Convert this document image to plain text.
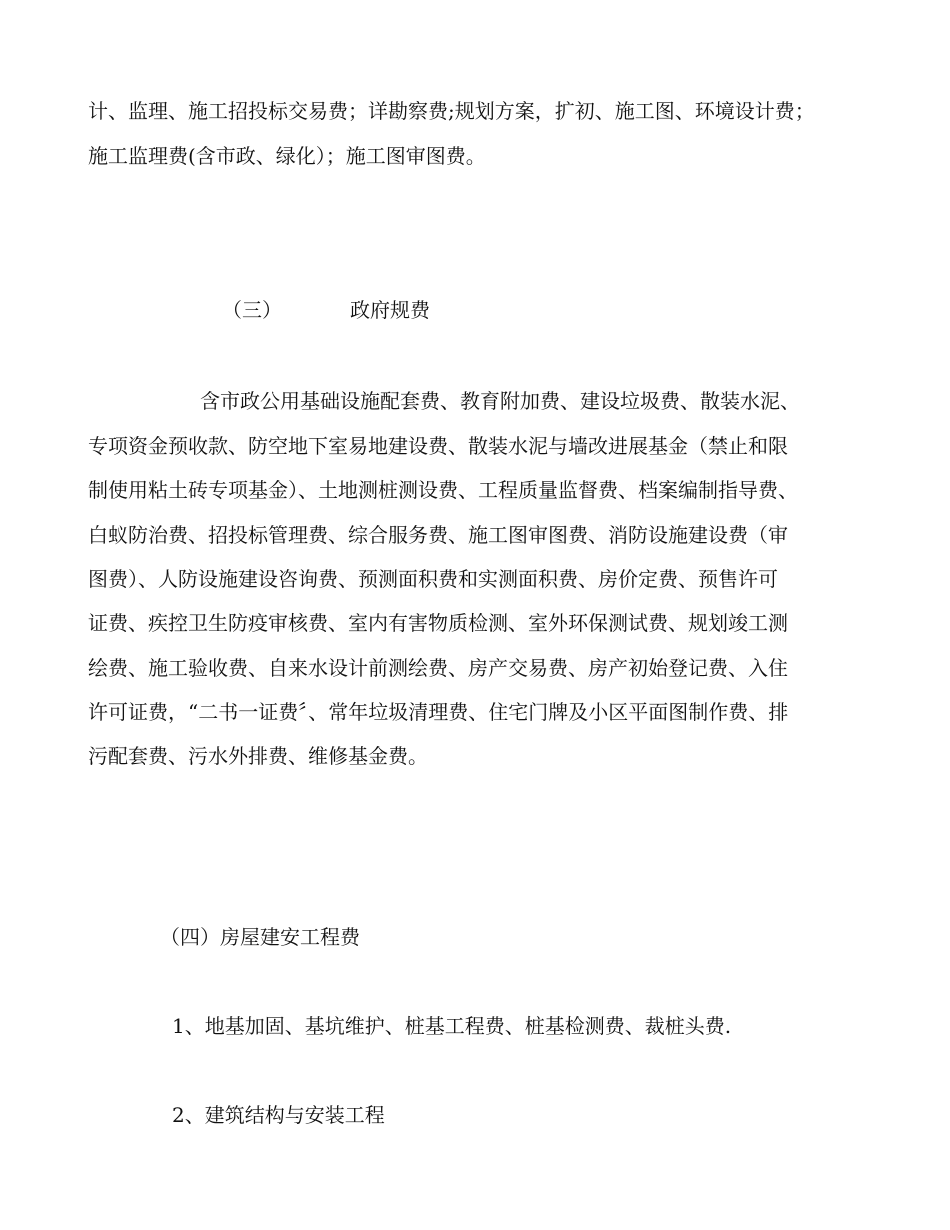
计、监理、施工招投标交易费；详勘察费;规划方案，扩初、施工图、环境设计费；
施工监理费(含市政、绿化）；施工图审图费。
（三）	政府规费
含市政公用基础设施配套费、教育附加费、建设垃圾费、散装水泥、
专项资金预收款、防空地下室易地建设费、散装水泥与墙改进展基金（禁止和限
制使用粘土砖专项基金）、土地测桩测设费、工程质量监督费、档案编制指导费、
白蚁防治费、招投标管理费、综合服务费、施工图审图费、消防设施建设费（审
图费）、人防设施建设咨询费、预测面积费和实测面积费、房价定费、预售许可
证费、疾控卫生防疫审核费、室内有害物质检测、室外环保测试费、规划竣工测
绘费、施工验收费、自来水设计前测绘费、房产交易费、房产初始登记费、入住
许可证费，“二书一证费〞、常年垃圾清理费、住宅门牌及小区平面图制作费、排
污配套费、污水外排费、维修基金费。
（四）房屋建安工程费
1、地基加固、基坑维护、桩基工程费、桩基检测费、裁桩头费.
2、建筑结构与安装工程
